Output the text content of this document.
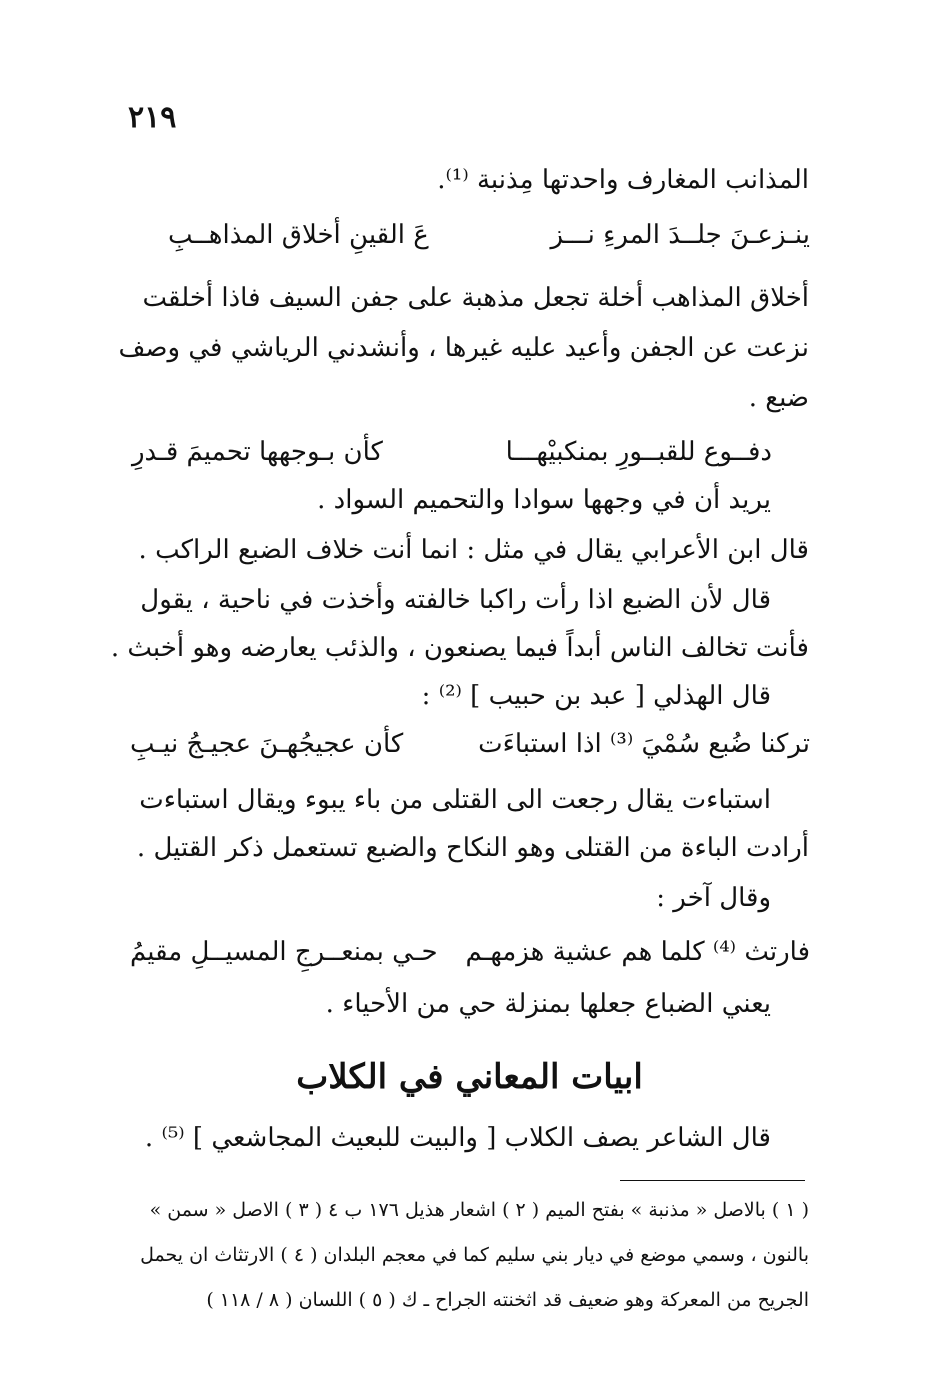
٢١٩
المذانب المغارف واحدتها مِذنبة ⁽¹⁾.
ينـزعـنَ جلــدَ المرءِ نـــز
عَ القينِ أخلاق المذاهــبِ
أخلاق المذاهب أخلة تجعل مذهبة على جفن السيف فاذا أخلقت
نزعت عن الجفن وأعيد عليه غيرها ، وأنشدني الرياشي في وصف
ضبع .
دفــوع للقبــورِ بمنكبيْهـــا
كأن بـوجهها تحميمَ قـدرِ
يريد أن في وجهها سوادا والتحميم السواد .
قال ابن الأعرابي يقال في مثل : انما أنت خلاف الضبع الراكب .
قال لأن الضبع اذا رأت راكبا خالفته وأخذت في ناحية ، يقول
فأنت تخالف الناس أبداً فيما يصنعون ، والذئب يعارضه وهو أخبث .
قال الهذلي [ عبد بن حبيب ] ⁽²⁾ :
تركنا ضُبع سُمْيَ ⁽³⁾ اذا استباءَت
كأن عجيجُهـنَ عجيـجُ نيـبِ
استباءت يقال رجعت الى القتلى من باء يبوء ويقال استباءت
أرادت الباءة من القتلى وهو النكاح والضبع تستعمل ذكر القتيل .
وقال آخر :
فارتث ⁽⁴⁾ كلما هم عشية هزمهـم
حـي بمنعــرجِ المسيــلِ مقيمُ
يعني الضباع جعلها بمنزلة حي من الأحياء .
ابيات المعاني في الكلاب
قال الشاعر يصف الكلاب [ والبيت للبعيث المجاشعي ] ⁽⁵⁾ .
( ١ ) بالاصل « مذنبة » بفتح الميم ( ٢ ) اشعار هذيل ١٧٦ ب ٤ ( ٣ ) الاصل « سمن »
بالنون ، وسمي موضع في ديار بني سليم كما في معجم البلدان ( ٤ ) الارتثاث ان يحمل
الجريح من المعركة وهو ضعيف قد اثخنته الجراح ـ ك ( ٥ ) اللسان ( ٨ / ١١٨ )
